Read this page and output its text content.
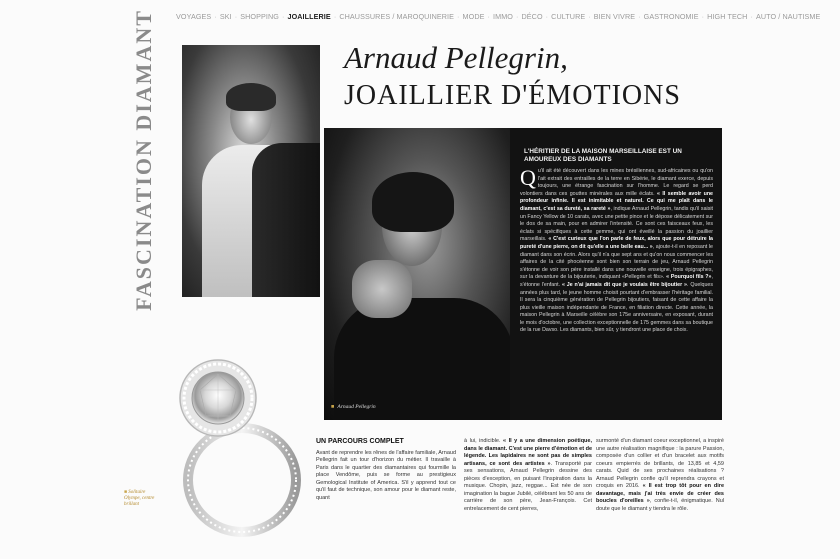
VOYAGES · SKI · SHOPPING · JOAILLERIE · CHAUSSURES / MAROQUINERIE · MODE · IMMO · DÉCO · CULTURE · BIEN VIVRE · GASTRONOMIE · HIGH TECH · AUTO / NAUTISME
FASCINATION DIAMANT	Arnaud Pellegrin,
JOAILLIER D'ÉMOTIONS
■ Arnaud Pellegrin
L'HÉRITIER DE LA MAISON MARSEILLAISE EST UN AMOUREUX DES DIAMANTS
Qu'il ait été découvert dans les mines brésiliennes, sud-africaines ou qu'on l'ait extrait des entrailles de la terre en Sibérie, le diamant exerce, depuis toujours, une étrange fascination sur l'homme. Le regard se perd volontiers dans ces gouttes minérales aux mille éclats. « Il semble avoir une profondeur infinie. Il est inimitable et naturel. Ce qui me plaît dans le diamant, c'est sa dureté, sa rareté », indique Arnaud Pellegrin, tandis qu'il saisit un Fancy Yellow de 10 carats, avec une petite pince et le dépose délicatement sur le dos de sa main, pour en admirer l'intensité. Ce sont ces faisceaux feux, les éclats si spécifiques à cette gemme, qui ont éveillé la passion du joaillier marseillais. « C'est curieux que l'on parle de feux, alors que pour détruire la pureté d'une pierre, on dit qu'elle a une belle eau... », ajoute-t-il en reposant le diamant dans son écrin. Alors qu'il n'a que sept ans et qu'on nous commencer les affaires de la cité phocéenne sont bien son terrain de jeu, Arnaud Pellegrin s'étonne de voir son père installé dans une nouvelle enseigne, trois épigraphes, sur la devanture de la bijouterie, indiquant «Pellegrin et fils». « Pourquoi fils ?», s'étonne l'enfant. « Je n'ai jamais dit que je voulais être bijoutier ». Quelques années plus tard, le jeune homme choisit pourtant d'embrasser l'héritage familial. Il sera la cinquième génération de Pellegrin bijoutiers, faisant de cette affaire la plus vieille maison indépendante de France, en filiation directe. Cette année, la maison Pellegrin à Marseille célèbre son 175e anniversaire, en exposant, durant le mois d'octobre, une collection exceptionnelle de 175 gemmes dans sa boutique de la rue Davso. Les diamants, bien sûr, y tiendront une place de choix.
■ Solitaire
Olympe, centre
brillant
UN PARCOURS COMPLET
Avant de reprendre les rênes de l'affaire familiale, Arnaud Pellegrin fait un tour d'horizon du métier. Il travaille à Paris dans le quartier des diamantaires qui fourmille la place Vendôme, puis se forme au prestigieux Gemological Institute of America. S'il y apprend tout ce qu'il faut de technique, son amour pour le diamant reste, quant
à lui, indicible. « Il y a une dimension poétique, dans le diamant. C'est une pierre d'émotion et de légende. Les lapidaires ne sont pas de simples artisans, ce sont des artistes ». Transporté par ses sensations, Arnaud Pellegrin dessine des pièces d'exception, en puisant l'inspiration dans la musique. Chopin, jazz, reggae... Est née de son imagination la bague Jubilé, célébrant les 50 ans de carrière de son père, Jean-François. Cet entrelacement de cent pierres,
surmonté d'un diamant coeur exceptionnel, a inspiré une autre réalisation magnifique : la parure Passion, composée d'un collier et d'un bracelet aux motifs coeurs empierrés de brillants, de 13,85 et 4,59 carats. Quid de ses prochaines réalisations ? Arnaud Pellegrin confie qu'il reprendra crayons et croquis en 2016. « Il est trop tôt pour en dire davantage, mais j'ai très envie de créer des boucles d'oreilles », confie-t-il, énigmatique. Nul doute que le diamant y tiendra le rôle.
